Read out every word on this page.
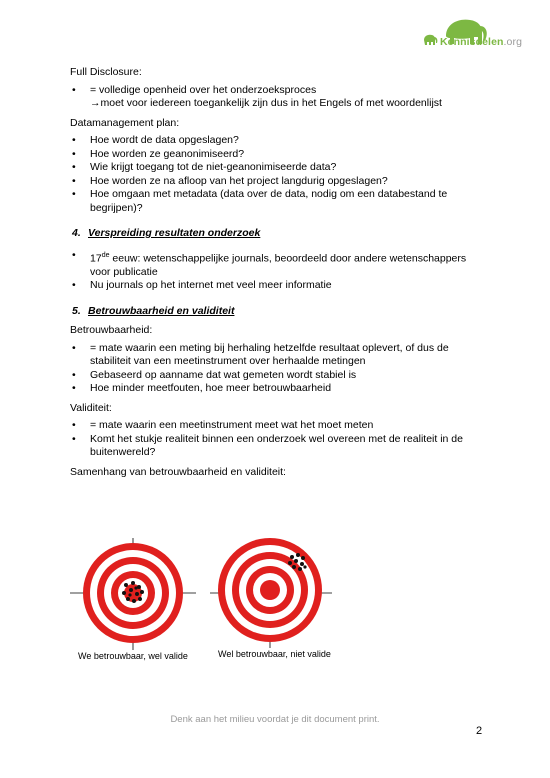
Kennisdelen.org

Full Disclosure:

• = volledige openheid over het onderzoeksproces
→moet voor iedereen toegankelijk zijn dus in het Engels of met woordenlijst

Datamanagement plan:

• Hoe wordt de data opgeslagen?
• Hoe worden ze geanonimiseerd?
• Wie krijgt toegang tot de niet-geanonimiseerde data?
• Hoe worden ze na afloop van het project langdurig opgeslagen?
• Hoe omgaan met metadata (data over de data, nodig om een databestand te begrijpen)?
4. Verspreiding resultaten onderzoek
• 17de eeuw: wetenschappelijke journals, beoordeeld door andere wetenschappers voor publicatie
• Nu journals op het internet met veel meer informatie
5. Betrouwbaarheid en validiteit

Betrouwbaarheid:

• = mate waarin een meting bij herhaling hetzelfde resultaat oplevert, of dus de stabiliteit van een meetinstrument over herhaalde metingen
• Gebaseerd op aanname dat wat gemeten wordt stabiel is
• Hoe minder meetfouten, hoe meer betrouwbaarheid

Validiteit:

• = mate waarin een meetinstrument meet wat het moet meten
• Komt het stukje realiteit binnen een onderzoek wel overeen met de realiteit in de buitenwereld?

Samenhang van betrouwbaarheid en validiteit:

We betrouwbaar, wel valide	Wel betrouwbaar, niet valide
Denk aan het milieu voordat je dit document print.
2
